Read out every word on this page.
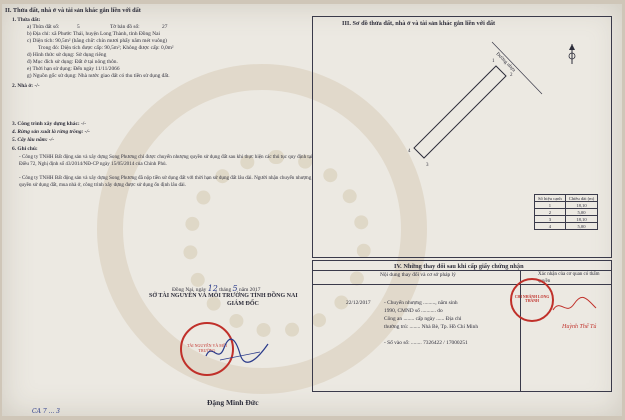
II. Thửa đất, nhà ở và tài sản khác gắn liền với đất
1. Thửa đất:
a) Thửa đất số:	5	Tờ bản đồ số:	27
b) Địa chỉ: xã Phước Thái, huyện Long Thành, tỉnh Đồng Nai
c) Diện tích: 90,5m² (bằng chữ: chín mươi phẩy năm mét vuông)
Trong đó: Diện tích được cấp: 90,5m²; Không được cấp: 0,0m²
d) Hình thức sử dụng: Sử dụng riêng
đ) Mục đích sử dụng: Đất ở tại nông thôn.
e) Thời hạn sử dụng: Đến ngày 11/11/2066
g) Nguồn gốc sử dụng: Nhà nước giao đất có thu tiền sử dụng đất.
2. Nhà ở: -/-
3. Công trình xây dựng khác: -/-
4. Rừng sản xuất là rừng trồng: -/-
5. Cây lâu năm: -/-
6. Ghi chú:
- Công ty TNHH Bất động sản và xây dựng Song Phương chỉ được chuyển nhượng quyền sử dụng đất sau khi thực hiện các thủ tục quy định tại Điều 72, Nghị định số 43/2014/NĐ-CP ngày 15/05/2014 của Chính Phủ.
- Công ty TNHH Bất động sản và xây dựng Song Phương đã nộp tiền sử dụng đất với thời hạn sử dụng đất lâu dài. Người nhận chuyển nhượng quyền sử dụng đất, mua nhà ở, công trình xây dựng được sử dụng ổn định lâu dài.
Đồng Nai, ngày 12 tháng 5 năm 2017
SỞ TÀI NGUYÊN VÀ MÔI TRƯỜNG TỈNH ĐỒNG NAI
GIÁM ĐỐC
TÀI NGUYÊN VÀ MÔI TRƯỜNG
Đặng Minh Đức
CA 7 ... 3
III. Sơ đồ thửa đất, nhà ở và tài sản khác gắn liền với đất
Đường nhựa
1
2
3
4
Số hiệu cạnh	Chiều dài (m)
1	18,10
2	5,00
3	18,10
4	5,00
IV. Những thay đổi sau khi cấp giấy chứng nhận
Nội dung thay đổi và cơ sở pháp lý	Xác nhận của cơ quan có thẩm quyền
22/12/2017 - Chuyển nhượng ........., năm sinh
1990, CMND số ........... do
Công an ........ cấp ngày ...... Địa chỉ
thường trú: ........ Nhà Bè, Tp. Hồ Chí Minh
- Số vào sổ: ........ 7326422 / 17000251
CHI NHÁNH LONG THÀNH
Huỳnh Thế Tú
